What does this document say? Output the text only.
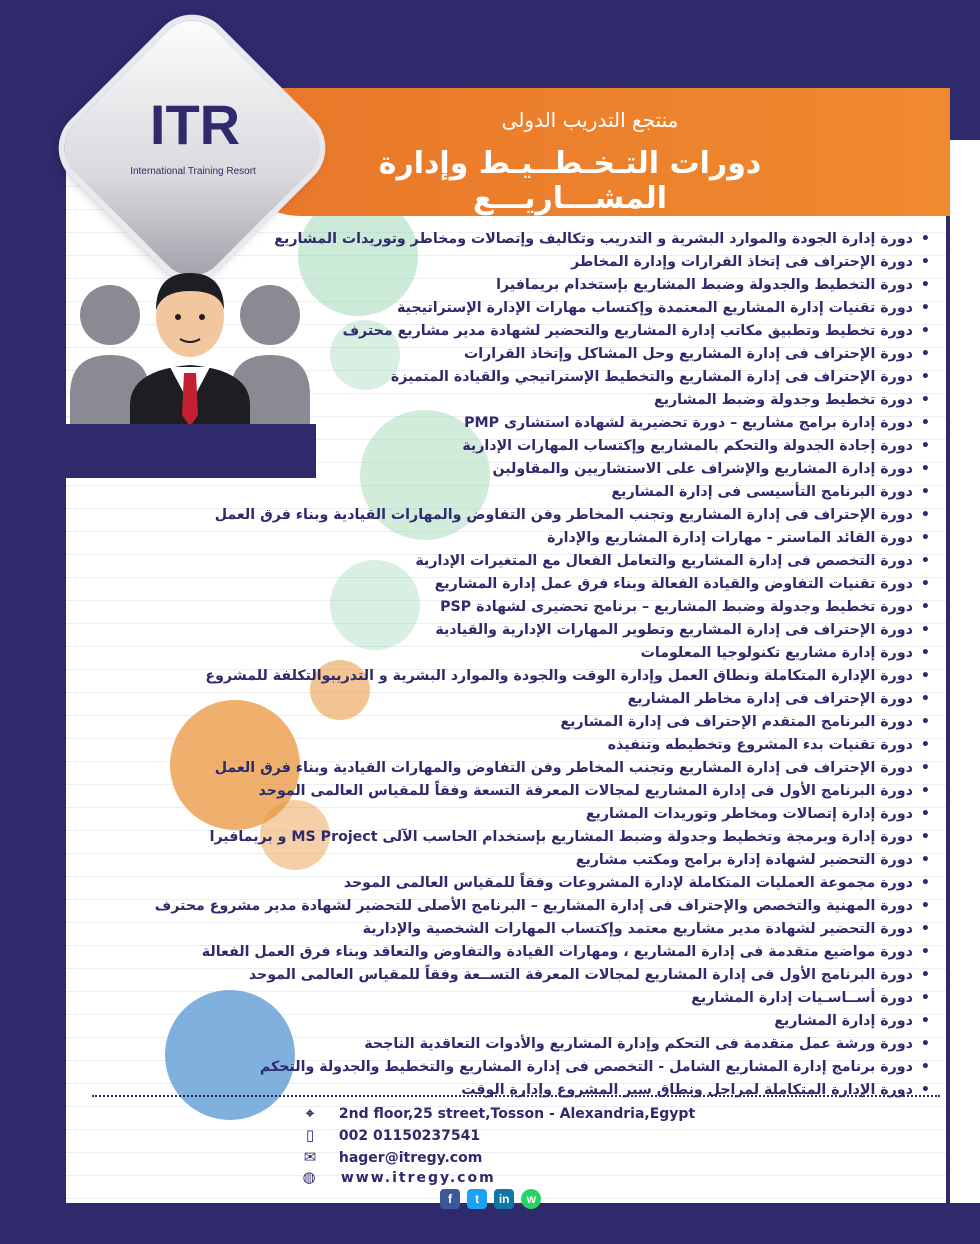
منتجع التدريب الدولى
دورات التـخـطــيـط وإدارة المشـــاريـــع
ITR
International Training Resort
• دورة إدارة الجودة والموارد البشرية و التدريب وتكاليف وإتصالات ومخاطر وتوريدات المشاريع
• دورة الإحتراف فى إتخاذ القرارات وإدارة المخاطر
• دورة التخطيط والجدولة وضبط المشاريع بإستخدام بريمافيرا
• دورة تقنيات إدارة المشاريع المعتمدة وإكتساب مهارات الإدارة الإستراتيجية
• دورة تخطيط وتطبيق مكاتب إدارة المشاريع والتحضير لشهادة مدير مشاريع محترف
• دورة الإحتراف فى إدارة المشاريع وحل المشاكل وإتخاذ القرارات
• دورة الإحتراف فى إدارة المشاريع والتخطيط الإستراتيجي والقيادة المتميزة
• دورة تخطيط وجدولة وضبط المشاريع
• دورة إدارة برامج مشاريع – دورة تحضيرية لشهادة استشارى PMP
• دورة إجادة الجدولة والتحكم بالمشاريع وإكتساب المهارات الإدارية
• دورة إدارة المشاريع والإشراف على الاستشاريين والمقاولين
• دورة البرنامج التأسيسى فى إدارة المشاريع
• دورة الإحتراف فى إدارة المشاريع وتجنب المخاطر وفن التفاوض والمهارات القيادية وبناء فرق العمل
• دورة القائد الماستر - مهارات إدارة المشاريع والإدارة
• دورة التخصص فى إدارة المشاريع والتعامل الفعال مع المتغيرات الإدارية
• دورة تقنيات التفاوض والقيادة الفعالة وبناء فرق عمل إدارة المشاريع
• دورة تخطيط وجدولة وضبط المشاريع – برنامج تحضيرى لشهادة PSP
• دورة الإحتراف فى إدارة المشاريع وتطوير المهارات الإدارية والقيادية
• دورة إدارة مشاريع تكنولوجيا المعلومات
• دورة الإدارة المتكاملة ونطاق العمل وإدارة الوقت والجودة والموارد البشرية و التدريبوالتكلفة للمشروع
• دورة الإحتراف فى إدارة مخاطر المشاريع
• دورة البرنامج المتقدم الإحتراف فى إدارة المشاريع
• دورة تقنيات بدء المشروع وتخطيطه وتنفيذه
• دورة الإحتراف فى إدارة المشاريع وتجنب المخاطر وفن التفاوض والمهارات القيادية وبناء فرق العمل
• دورة البرنامج الأول فى إدارة المشاريع لمجالات المعرفة التسعة وفقاً للمقياس العالمى الموحد
• دورة إدارة إتصالات ومخاطر وتوريدات المشاريع
• دورة إدارة وبرمجة وتخطيط وجدولة وضبط المشاريع بإستخدام الحاسب الآلى MS Project و بريمافيرا
• دورة التحضير لشهادة إدارة برامج ومكتب مشاريع
• دورة مجموعة العمليات المتكاملة لإدارة المشروعات وفقاً للمقياس العالمى الموحد
• دورة المهنية والتخصص والإحتراف فى إدارة المشاريع – البرنامج الأصلى للتحضير لشهادة مدير مشروع محترف
• دورة التحضير لشهادة مدير مشاريع معتمد وإكتساب المهارات الشخصية والإدارية
• دورة مواضيع متقدمة فى إدارة المشاريع ، ومهارات القيادة والتفاوض والتعاقد وبناء فرق العمل الفعالة
• دورة البرنامج الأول فى إدارة المشاريع لمجالات المعرفة التســعة وفقاً للمقياس العالمى الموحد
• دورة أســاسـيات إدارة المشاريع
• دورة إدارة المشاريع
• دورة ورشة عمل متقدمة فى التحكم وإدارة المشاريع والأدوات التعاقدية الناجحة
• دورة برنامج إدارة المشاريع الشامل - التخصص فى إدارة المشاريع والتخطيط والجدولة والتحكم
• دورة الإدارة المتكاملة لمراحل ونطاق سير المشروع وإدارة الوقت
⌖ 2nd floor,25 street,Tosson - Alexandria,Egypt
▯ 002 01150237541
✉ hager@itregy.com
◍ www.itregy.com
f t in w
